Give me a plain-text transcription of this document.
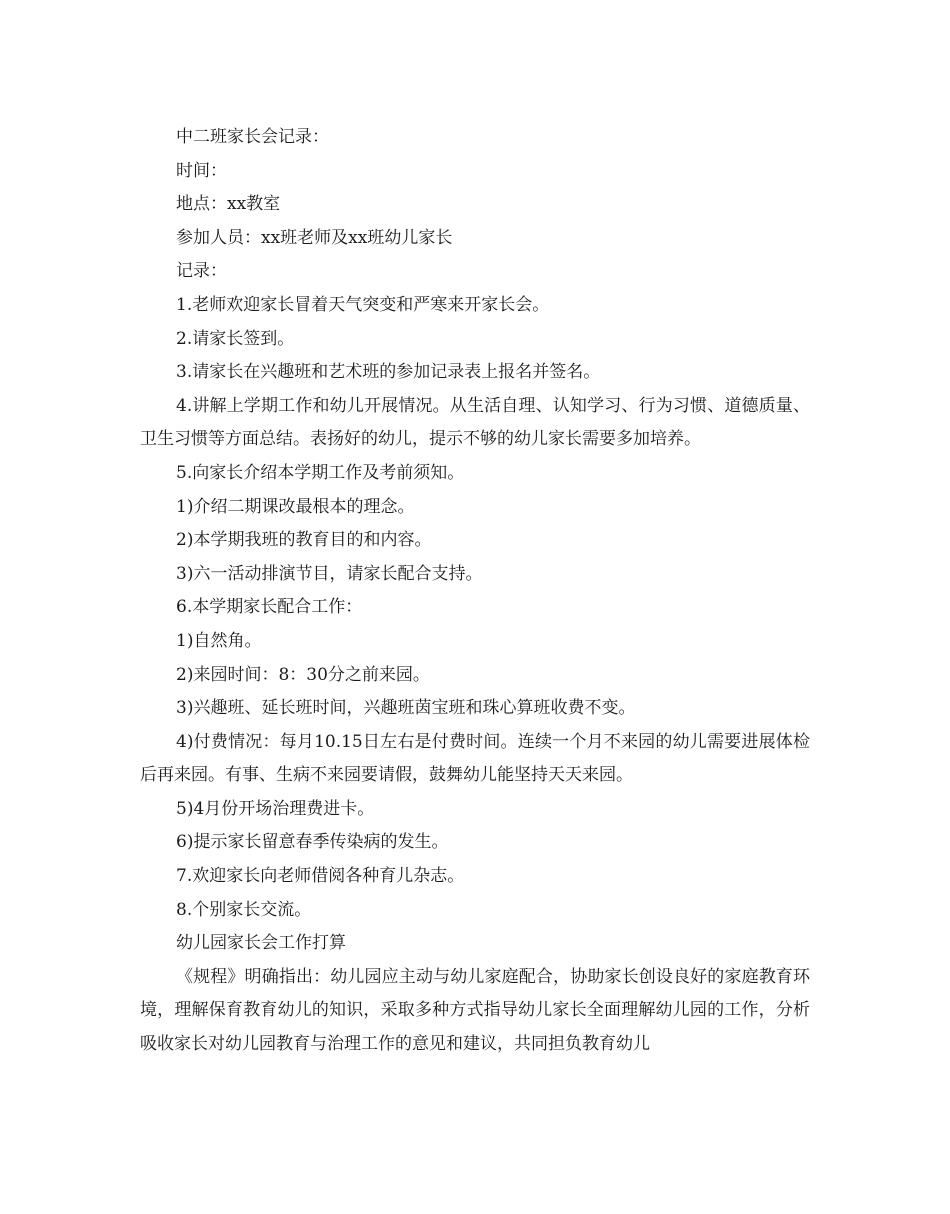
中二班家长会记录：

时间：

地点：xx教室

参加人员：xx班老师及xx班幼儿家长

记录：

1.老师欢迎家长冒着天气突变和严寒来开家长会。

2.请家长签到。

3.请家长在兴趣班和艺术班的参加记录表上报名并签名。

4.讲解上学期工作和幼儿开展情况。从生活自理、认知学习、行为习惯、道德质量、卫生习惯等方面总结。表扬好的幼儿，提示不够的幼儿家长需要多加培养。

5.向家长介绍本学期工作及考前须知。

1)介绍二期课改最根本的理念。

2)本学期我班的教育目的和内容。

3)六一活动排演节目，请家长配合支持。

6.本学期家长配合工作：

1)自然角。

2)来园时间：8：30分之前来园。

3)兴趣班、延长班时间，兴趣班茵宝班和珠心算班收费不变。

4)付费情况：每月10.15日左右是付费时间。连续一个月不来园的幼儿需要进展体检后再来园。有事、生病不来园要请假，鼓舞幼儿能坚持天天来园。

5)4月份开场治理费进卡。

6)提示家长留意春季传染病的发生。

7.欢迎家长向老师借阅各种育儿杂志。

8.个别家长交流。

幼儿园家长会工作打算

《规程》明确指出：幼儿园应主动与幼儿家庭配合，协助家长创设良好的家庭教育环境，理解保育教育幼儿的知识，采取多种方式指导幼儿家长全面理解幼儿园的工作，分析吸收家长对幼儿园教育与治理工作的意见和建议，共同担负教育幼儿
